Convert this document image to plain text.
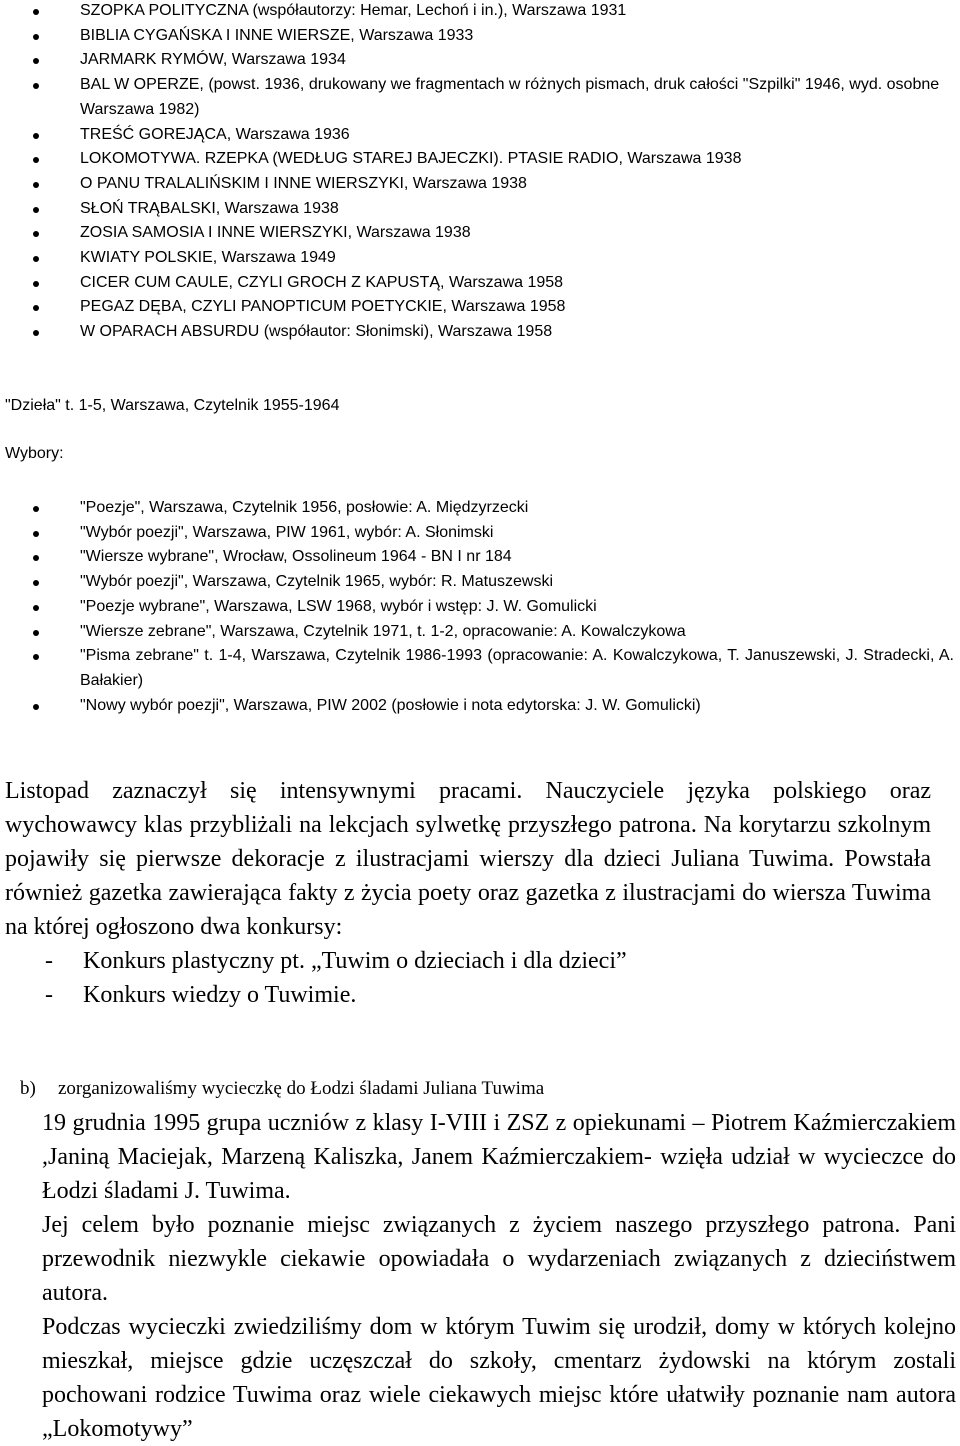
SZOPKA POLITYCZNA (współautorzy: Hemar, Lechoń i in.), Warszawa 1931
BIBLIA CYGAŃSKA I INNE WIERSZE, Warszawa 1933
JARMARK RYMÓW, Warszawa 1934
BAL W OPERZE, (powst. 1936, drukowany we fragmentach w różnych pismach, druk całości "Szpilki" 1946, wyd. osobne Warszawa 1982)
TREŚĆ GOREJĄCA, Warszawa 1936
LOKOMOTYWA. RZEPKA (WEDŁUG STAREJ BAJECZKI). PTASIE RADIO, Warszawa 1938
O PANU TRALALIŃSKIM I INNE WIERSZYKI, Warszawa 1938
SŁOŃ TRĄBALSKI, Warszawa 1938
ZOSIA SAMOSIA I INNE WIERSZYKI, Warszawa 1938
KWIATY POLSKIE, Warszawa 1949
CICER CUM CAULE, CZYLI GROCH Z KAPUSTĄ, Warszawa 1958
PEGAZ DĘBA, CZYLI PANOPTICUM POETYCKIE, Warszawa 1958
W OPARACH ABSURDU (współautor: Słonimski), Warszawa 1958
"Dzieła" t. 1-5, Warszawa, Czytelnik 1955-1964
Wybory:
"Poezje", Warszawa, Czytelnik 1956, posłowie: A. Międzyrzecki
"Wybór poezji", Warszawa, PIW 1961, wybór: A. Słonimski
"Wiersze wybrane", Wrocław, Ossolineum 1964 - BN I nr 184
"Wybór poezji", Warszawa, Czytelnik 1965, wybór: R. Matuszewski
"Poezje wybrane", Warszawa, LSW 1968, wybór i wstęp: J. W. Gomulicki
"Wiersze zebrane", Warszawa, Czytelnik 1971, t. 1-2, opracowanie: A. Kowalczykowa
"Pisma zebrane" t. 1-4, Warszawa, Czytelnik 1986-1993 (opracowanie: A. Kowalczykowa, T. Januszewski, J. Stradecki, A. Bałakier)
"Nowy wybór poezji", Warszawa, PIW 2002 (posłowie i nota edytorska: J. W. Gomulicki)

Listopad zaznaczył się intensywnymi pracami. Nauczyciele języka polskiego oraz wychowawcy klas przybliżali na lekcjach sylwetkę przyszłego patrona. Na korytarzu szkolnym pojawiły się pierwsze dekoracje z ilustracjami wierszy dla dzieci Juliana Tuwima. Powstała również gazetka zawierająca fakty z życia poety oraz gazetka z ilustracjami do wiersza Tuwima na której ogłoszono dwa konkursy:

- Konkurs plastyczny pt. „Tuwim o dzieciach i dla dzieci”

- Konkurs wiedzy o Tuwimie.

b) zorganizowaliśmy wycieczkę do Łodzi śladami Juliana Tuwima

19 grudnia 1995 grupa uczniów z klasy I-VIII i ZSZ z opiekunami – Piotrem Kaźmierczakiem ,Janiną Maciejak, Marzeną Kaliszka, Janem Kaźmierczakiem- wzięła udział w wycieczce do Łodzi śladami J. Tuwima.

Jej celem było poznanie miejsc związanych z życiem naszego przyszłego patrona. Pani przewodnik niezwykle ciekawie opowiadała o wydarzeniach związanych z dzieciństwem autora.

Podczas wycieczki zwiedziliśmy dom w którym Tuwim się urodził, domy w których kolejno mieszkał, miejsce gdzie uczęszczał do szkoły, cmentarz żydowski na którym zostali pochowani rodzice Tuwima oraz wiele ciekawych miejsc które ułatwiły poznanie nam autora „Lokomotywy”
